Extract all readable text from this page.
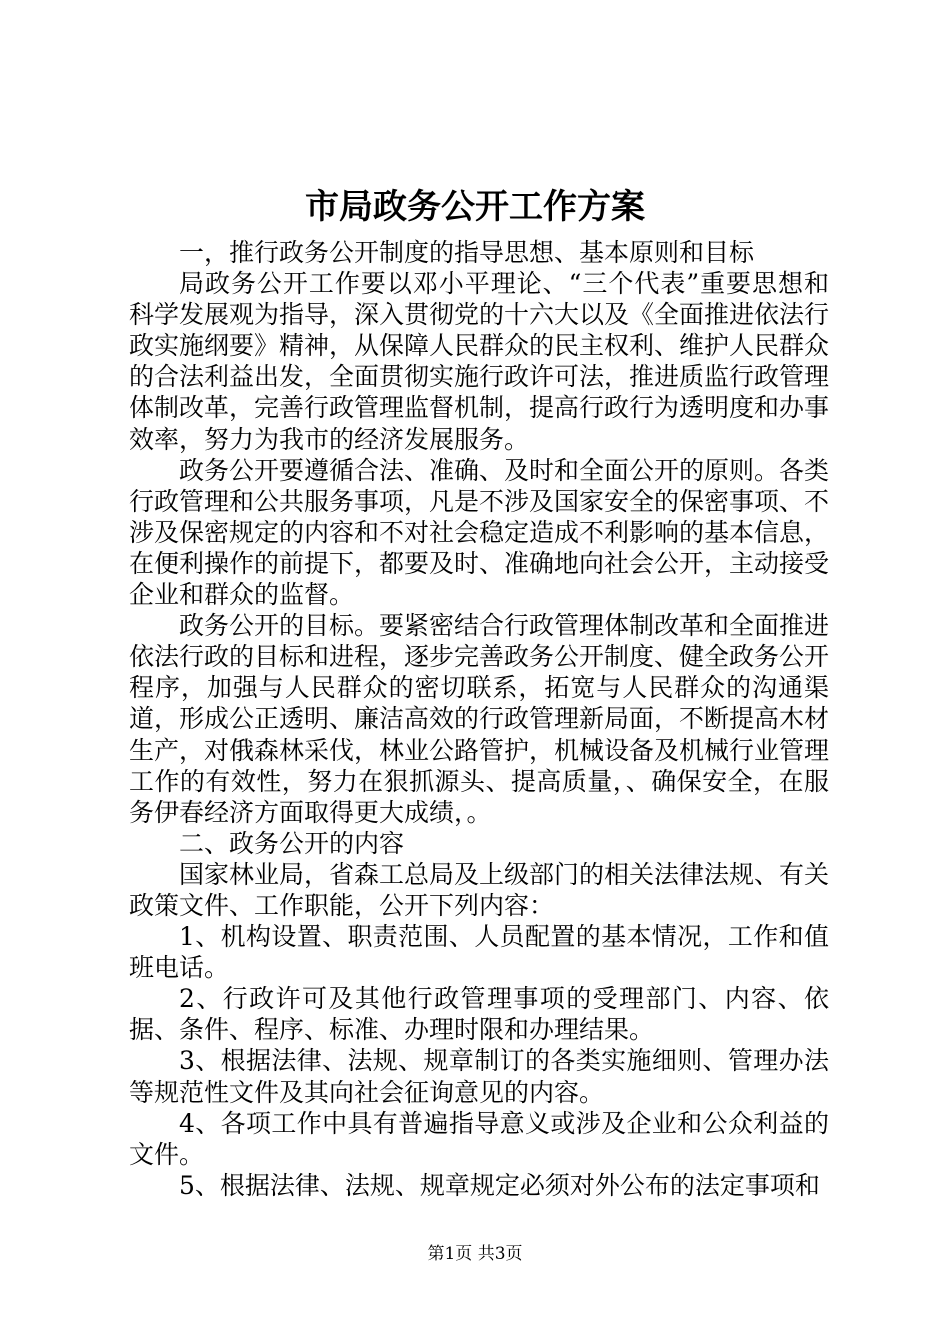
市局政务公开工作方案

一，推行政务公开制度的指导思想、基本原则和目标

局政务公开工作要以邓小平理论、“三个代表”重要思想和科学发展观为指导，深入贯彻党的十六大以及《全面推进依法行政实施纲要》精神，从保障人民群众的民主权利、维护人民群众的合法利益出发，全面贯彻实施行政许可法，推进质监行政管理体制改革，完善行政管理监督机制，提高行政行为透明度和办事效率，努力为我市的经济发展服务。

政务公开要遵循合法、准确、及时和全面公开的原则。各类行政管理和公共服务事项，凡是不涉及国家安全的保密事项、不涉及保密规定的内容和不对社会稳定造成不利影响的基本信息，在便利操作的前提下，都要及时、准确地向社会公开，主动接受企业和群众的监督。

政务公开的目标。要紧密结合行政管理体制改革和全面推进依法行政的目标和进程，逐步完善政务公开制度、健全政务公开程序，加强与人民群众的密切联系，拓宽与人民群众的沟通渠道，形成公正透明、廉洁高效的行政管理新局面，不断提高木材生产，对俄森林采伐，林业公路管护，机械设备及机械行业管理工作的有效性，努力在狠抓源头、提高质量，、确保安全，在服务伊春经济方面取得更大成绩，。

二、政务公开的内容

国家林业局，省森工总局及上级部门的相关法律法规、有关政策文件、工作职能，公开下列内容：

1、机构设置、职责范围、人员配置的基本情况，工作和值班电话。

2、行政许可及其他行政管理事项的受理部门、内容、依据、条件、程序、标准、办理时限和办理结果。

3、根据法律、法规、规章制订的各类实施细则、管理办法等规范性文件及其向社会征询意见的内容。

4、各项工作中具有普遍指导意义或涉及企业和公众利益的文件。

5、根据法律、法规、规章规定必须对外公布的法定事项和

第1页 共3页
